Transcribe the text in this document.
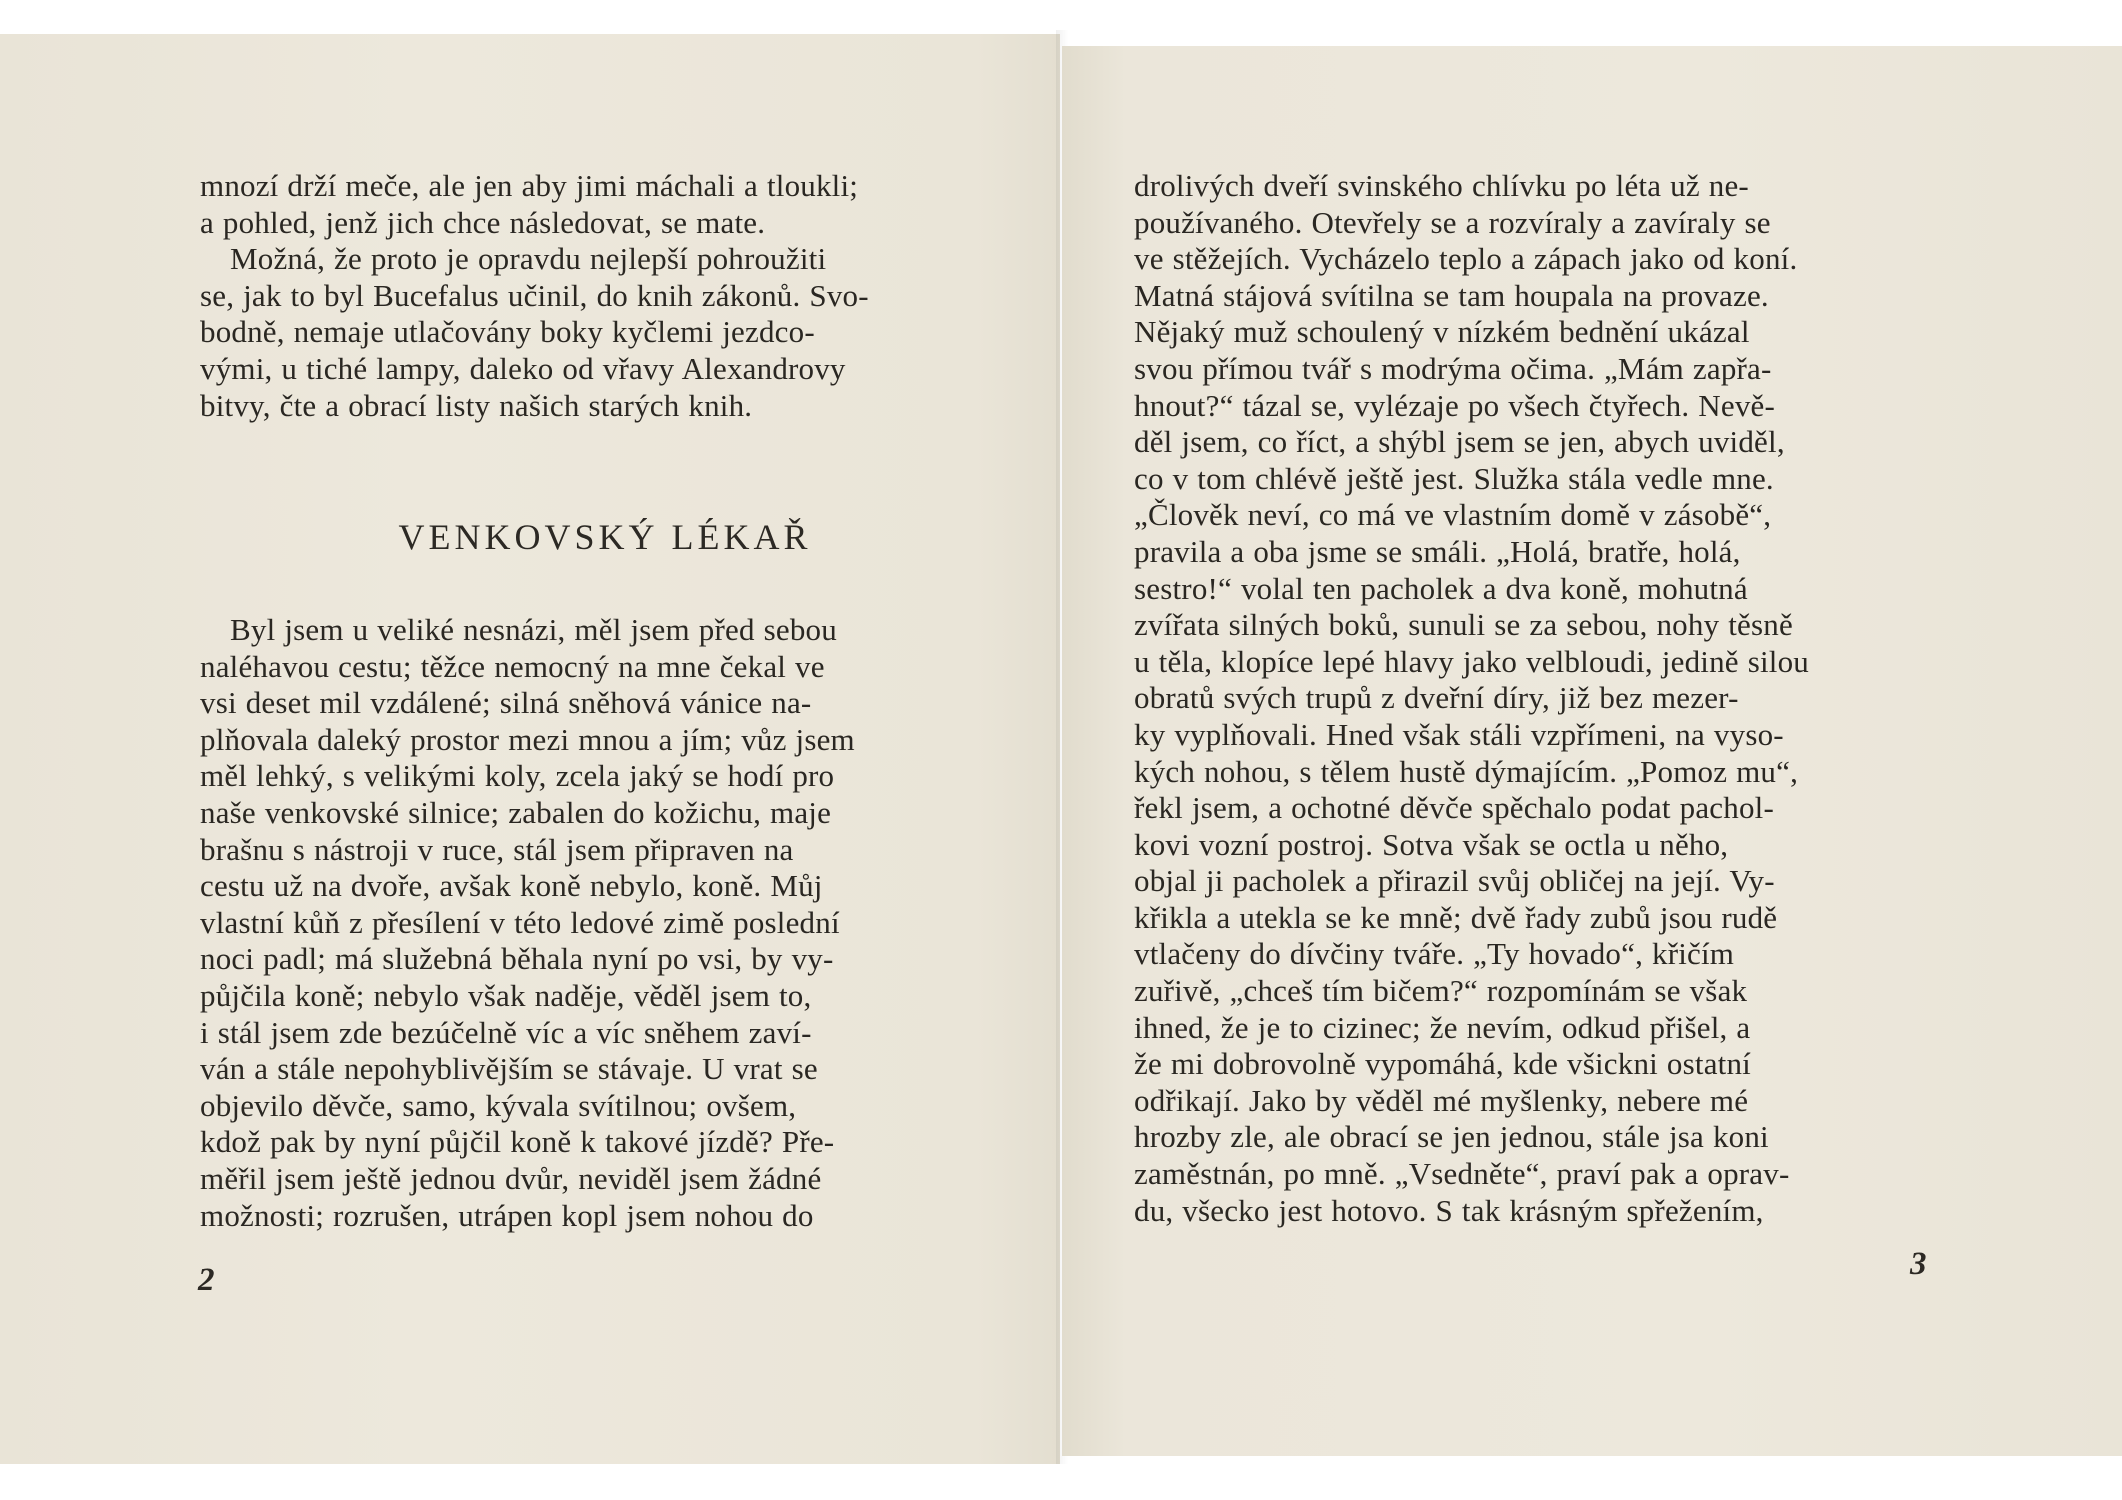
mnozí drží meče, ale jen aby jimi máchali a tloukli;
a pohled, jenž jich chce následovat, se mate.
Možná, že proto je opravdu nejlepší pohroužiti
se, jak to byl Bucefalus učinil, do knih zákonů. Svo-
bodně, nemaje utlačovány boky kyčlemi jezdco-
vými, u tiché lampy, daleko od vřavy Alexandrovy
bitvy, čte a obrací listy našich starých knih.
VENKOVSKÝ LÉKAŘ
Byl jsem u veliké nesnázi, měl jsem před sebou
naléhavou cestu; těžce nemocný na mne čekal ve
vsi deset mil vzdálené; silná sněhová vánice na-
plňovala daleký prostor mezi mnou a jím; vůz jsem
měl lehký, s velikými koly, zcela jaký se hodí pro
naše venkovské silnice; zabalen do kožichu, maje
brašnu s nástroji v ruce, stál jsem připraven na
cestu už na dvoře, avšak koně nebylo, koně. Můj
vlastní kůň z přesílení v této ledové zimě poslední
noci padl; má služebná běhala nyní po vsi, by vy-
půjčila koně; nebylo však naděje, věděl jsem to,
i stál jsem zde bezúčelně víc a víc sněhem zaví-
ván a stále nepohyblivějším se stávaje. U vrat se
objevilo děvče, samo, kývala svítilnou; ovšem,
kdož pak by nyní půjčil koně k takové jízdě? Pře-
měřil jsem ještě jednou dvůr, neviděl jsem žádné
možnosti; rozrušen, utrápen kopl jsem nohou do
2
drolivých dveří svinského chlívku po léta už ne-
používaného. Otevřely se a rozvíraly a zavíraly se
ve stěžejích. Vycházelo teplo a zápach jako od koní.
Matná stájová svítilna se tam houpala na provaze.
Nějaký muž schoulený v nízkém bednění ukázal
svou přímou tvář s modrýma očima. „Mám zapřa-
hnout?“ tázal se, vylézaje po všech čtyřech. Nevě-
děl jsem, co říct, a shýbl jsem se jen, abych uviděl,
co v tom chlévě ještě jest. Služka stála vedle mne.
„Člověk neví, co má ve vlastním domě v zásobě“,
pravila a oba jsme se smáli. „Holá, bratře, holá,
sestro!“ volal ten pacholek a dva koně, mohutná
zvířata silných boků, sunuli se za sebou, nohy těsně
u těla, klopíce lepé hlavy jako velbloudi, jedině silou
obratů svých trupů z dveřní díry, již bez mezer-
ky vyplňovali. Hned však stáli vzpřímeni, na vyso-
kých nohou, s tělem hustě dýmajícím. „Pomoz mu“,
řekl jsem, a ochotné děvče spěchalo podat pachol-
kovi vozní postroj. Sotva však se octla u něho,
objal ji pacholek a přirazil svůj obličej na její. Vy-
křikla a utekla se ke mně; dvě řady zubů jsou rudě
vtlačeny do dívčiny tváře. „Ty hovado“, křičím
zuřivě, „chceš tím bičem?“ rozpomínám se však
ihned, že je to cizinec; že nevím, odkud přišel, a
že mi dobrovolně vypomáhá, kde všickni ostatní
odřikají. Jako by věděl mé myšlenky, nebere mé
hrozby zle, ale obrací se jen jednou, stále jsa koni
zaměstnán, po mně. „Vsedněte“, praví pak a oprav-
du, všecko jest hotovo. S tak krásným spřežením,
3
